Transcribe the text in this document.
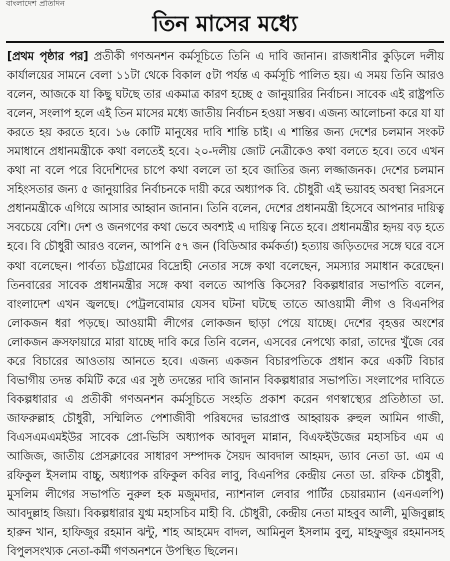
বাংলাদেশ প্রতিদিন
তিন মাসের মধ্যে
[প্রথম পৃষ্ঠার পর] প্রতীকী গণঅনশন কর্মসূচিতে তিনি এ দাবি জানান। রাজধানীর কুড়িলে দলীয় কার্যালয়ের সামনে বেলা ১১টা থেকে বিকাল ৫টা পর্যন্ত এ কর্মসূচি পালিত হয়। এ সময় তিনি আরও বলেন, আজকে যা কিছু ঘটছে তার একমাত্র কারণ হচ্ছে ৫ জানুয়ারির নির্বাচন। সাবেক এই রাষ্ট্রপতি বলেন, সংলাপ হলে এই তিন মাসের মধ্যে জাতীয় নির্বাচন হওয়া সম্ভব। এজন্য আলোচনা করে যা যা করতে হয় করতে হবে। ১৬ কোটি মানুষের দাবি শান্তি চাই। এ শান্তির জন্য দেশের চলমান সংকট সমাধানে প্রধানমন্ত্রীকে কথা বলতেই হবে। ২০-দলীয় জোট নেত্রীকেও কথা বলতে হবে। তবে এখন কথা না বলে পরে বিদেশিদের চাপে কথা বললে তা হবে জাতির জন্য লজ্জাজনক। দেশের চলমান সহিংসতার জন্য ৫ জানুয়ারির নির্বাচনকে দায়ী করে অধ্যাপক বি. চৌধুরী এই ভয়াবহ অবস্থা নিরসনে প্রধানমন্ত্রীকে এগিয়ে আসার আহ্বান জানান। তিনি বলেন, দেশের প্রধানমন্ত্রী হিসেবে আপনার দায়িত্ব সবচেয়ে বেশি। দেশ ও জনগণের কথা ভেবে অবশ্যই এ দায়িত্ব নিতে হবে। প্রধানমন্ত্রীর হৃদয় বড় হতে হবে। বি চৌধুরী আরও বলেন, আপনি ৫৭ জন (বিডিআর কর্মকর্তা) হত্যায় জড়িতদের সঙ্গে ঘরে বসে কথা বলেছেন। পার্বত্য চট্টগ্রামের বিদ্রোহী নেতার সঙ্গে কথা বলেছেন, সমস্যার সমাধান করেছেন। তিনবারের সাবেক প্রধানমন্ত্রীর সঙ্গে কথা বলতে আপত্তি কিসের? বিকল্পধারার সভাপতি বলেন, বাংলাদেশ এখন জ্বলছে। পেট্রলবোমার যেসব ঘটনা ঘটছে তাতে আওয়ামী লীগ ও বিএনপির লোকজন ধরা পড়ছে। আওয়ামী লীগের লোকজন ছাড়া পেয়ে যাচ্ছে। দেশের বৃহত্তর অংশের লোকজন ক্রসফায়ারে মারা যাচ্ছে দাবি করে তিনি বলেন, এসবের নেপথ্যে কারা, তাদের খুঁজে বের করে বিচারের আওতায় আনতে হবে। এজন্য একজন বিচারপতিকে প্রধান করে একটি বিচার বিভাগীয় তদন্ত কমিটি করে এর সুষ্ঠ তদন্তের দাবি জানান বিকল্পধারার সভাপতি। সংলাপের দাবিতে বিকল্পধারার এ প্রতীকী গণঅনশন কর্মসূচিতে সংহতি প্রকাশ করেন গণস্বাস্থ্যের প্রতিষ্ঠাতা ডা. জাফরুল্লাহ চৌধুরী, সম্মিলিত পেশাজীবী পরিষদের ভারপ্রাপ্ত আহ্বায়ক রুহুল আমিন গাজী, বিএসএমএমইউর সাবেক প্রো-ভিসি অধ্যাপক আবদুল মান্নান, বিএফইউজের মহাসচিব এম এ আজিজ, জাতীয় প্রেসক্লাবের সাধারণ সম্পাদক সৈয়দ আবদাল আহমদ, ড্যাব নেতা ডা. এম এ রফিকুল ইসলাম বাচ্চু, অধ্যাপক রফিকুল কবির লাবু, বিএনপির কেন্দ্রীয় নেতা ডা. রফিক চৌধুরী, মুসলিম লীগের সভাপতি নুরুল হক মজুমদার, ন্যাশনাল লেবার পার্টির চেয়ারম্যান (এনএলপি) আবদুল্লাহ জিয়া। বিকল্পধারার যুগ্ম মহাসচিব মাহী বি. চৌধুরী, কেন্দ্রীয় নেতা মাহবুব আলী, মুজিবুল্লাহ হারুন খান, হাফিজুর রহমান ঝন্টু, শাহ আহমেদ বাদল, আমিনুল ইসলাম বুলু, মাহফুজুর রহমানসহ বিপুলসংখ্যক নেতা-কর্মী গণঅনশনে উপস্থিত ছিলেন।
